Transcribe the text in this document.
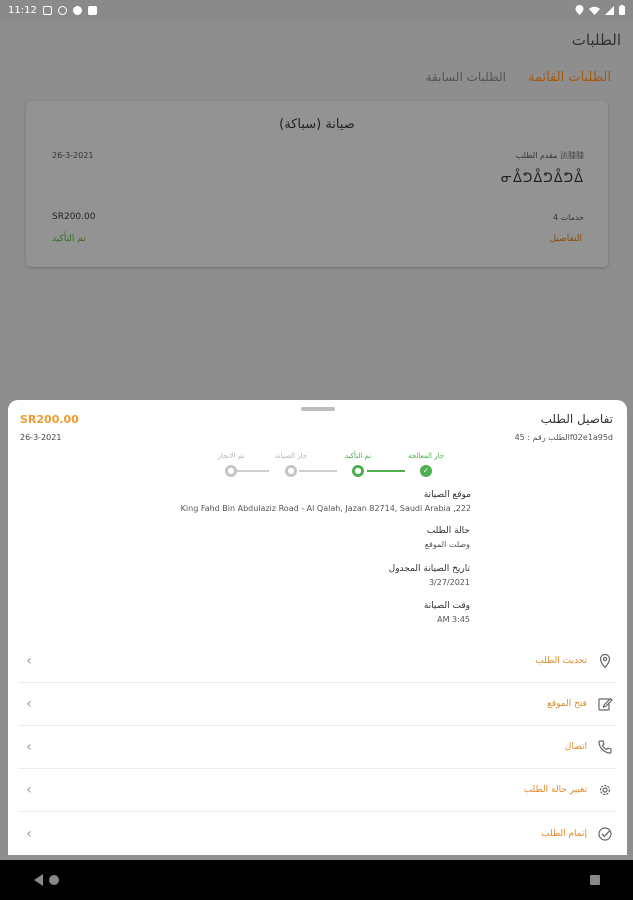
11:12
الطلبات
الطلبات القائمة
الطلبات السابقة
صيانة (سباكة)
26-3-2021	مقدم الطلب 法膝膝
ᓂᐂᕤᐂᕤᐂᕤᐂ
SR200.00	4 خدمات
تم التأكيد	التفاصيل
تفاصيل الطلب
SR200.00
الطلب رقم : 45f02e1a95d
26-3-2021
تم الانجاز
●
جار الصيانة
●
تم التأكيد
●
جار المعالجة
✓
موقع الصيانة
King Fahd Bin Abdulaziz Road - Al Qalah, Jazan 82714, Saudi Arabia ,222
حالة الطلب
وصلت الموقع
تاريخ الصيانة المجدول
3/27/2021
وقت الصيانة
AM 3:45
‹	تحديث الطلب
‹	فتح الموقع
‹	اتصال
‹	تغيير حالة الطلب
‹	إتمام الطلب
